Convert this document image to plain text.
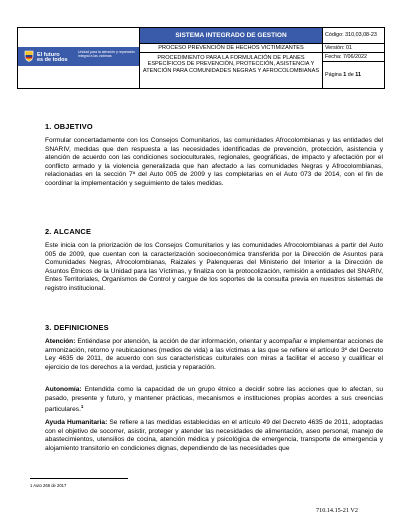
El futuro
es de todos
Unidad para la atención y reparación integral a las víctimas
SISTEMA INTEGRADO DE GESTION
PROCESO PREVENCIÓN DE HECHOS VICTIMIZANTES
PROCEDIMIENTO PARA LA FORMULACIÓN DE PLANES ESPECÍFICOS DE PREVENCIÓN, PROTECCIÓN, ASISTENCIA Y ATENCIÓN PARA COMUNIDADES NEGRAS Y AFROCOLOMBIANAS
Código: 310,03,08-23
Versión: 01
Fecha: 7/06/2022
Página 1 de 11
1. OBJETIVO
Formular concertadamente con los Consejos Comunitarios, las comunidades Afrocolombianas y las entidades del SNARIV, medidas que den respuesta a las necesidades identificadas de prevención, protección, asistencia y atención de acuerdo con las condiciones socioculturales, regionales, geográficas, de impacto y afectación por el conflicto armado y la violencia generalizada que han afectado a las comunidades Negras y Afrocolombianas, relacionadas en la sección 7ª del Auto 005 de 2009 y las completarias en el Auto 073 de 2014, con el fin de coordinar la implementación y seguimiento de tales medidas.
2. ALCANCE
Este inicia con la priorización de los Consejos Comunitarios y las comunidades Afrocolombianas a partir del Auto 005 de 2009, que cuentan con la caracterización socioeconómica transferida por la Dirección de Asuntos para Comunidades Negras, Afrocolombianas, Raizales y Palenqueras del Ministerio del Interior a la Dirección de Asuntos Étnicos de la Unidad para las Víctimas, y finaliza con la protocolización, remisión a entidades del SNARIV, Entes Territoriales, Organismos de Control y cargue de los soportes de la consulta previa en nuestros sistemas de registro institucional.
3. DEFINICIONES
Atención: Entiéndase por atención, la acción de dar información, orientar y acompañar e implementar acciones de armonización, retorno y reubicaciones (medios de vida) a las víctimas a las que se refiere el artículo 3º del Decreto Ley 4635 de 2011, de acuerdo con sus características culturales con miras a facilitar el acceso y cualificar el ejercicio de los derechos a la verdad, justicia y reparación.
Autonomía: Entendida como la capacidad de un grupo étnico a decidir sobre las acciones que lo afectan, su pasado, presente y futuro, y mantener prácticas, mecanismos e instituciones propias acordes a sus creencias particulares.$^1$
Ayuda Humanitaria: Se refiere a las medidas establecidas en el artículo 49 del Decreto 4635 de 2011, adoptadas con el objetivo de socorrer, asistir, proteger y atender las necesidades de alimentación, aseo personal, manejo de abastecimientos, utensilios de cocina, atención médica y psicológica de emergencia, transporte de emergencia y alojamiento transitorio en condiciones dignas, dependiendo de las necesidades que
1 Auto 266 de 2017
710.14.15-21 V2
